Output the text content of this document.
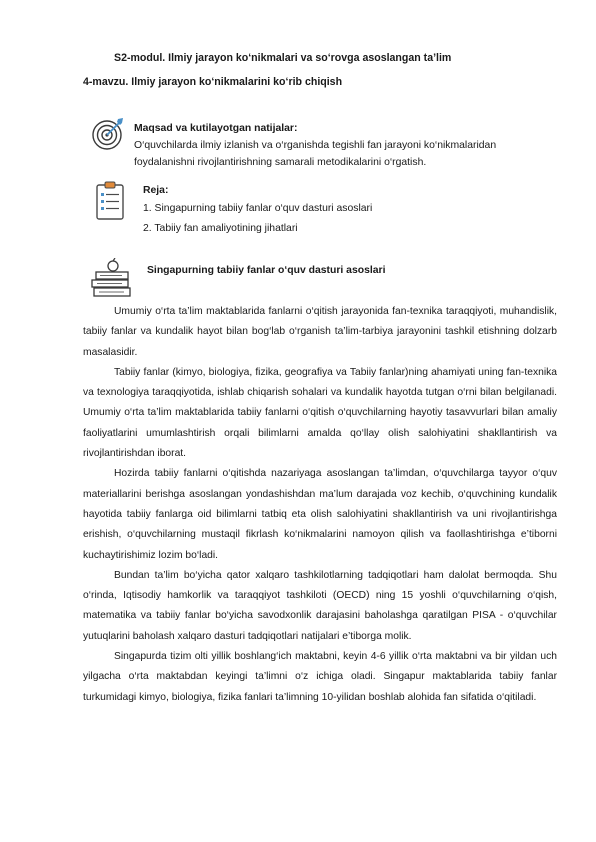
S2-modul. Ilmiy jarayon ko‘nikmalari va so‘rovga asoslangan ta’lim
4-mavzu. Ilmiy jarayon ko‘nikmalarini ko‘rib chiqish
Maqsad va kutilayotgan natijalar:
O‘quvchilarda ilmiy izlanish va o‘rganishda tegishli fan jarayoni ko‘nikmalaridan
foydalanishni rivojlantirishning samarali metodikalarini o‘rgatish.
Reja:
1. Singapurning tabiiy fanlar o‘quv dasturi asoslari
2. Tabiiy fan amaliyotining jihatlari
Singapurning tabiiy fanlar o‘quv dasturi asoslari

Umumiy o‘rta ta’lim maktablarida fanlarni o‘qitish jarayonida fan-texnika taraqqiyoti, muhandislik, tabiiy fanlar va kundalik hayot bilan bog‘lab o‘rganish ta’lim-tarbiya jarayonini tashkil etishning dolzarb masalasidir.

Tabiiy fanlar (kimyo, biologiya, fizika, geografiya va Tabiiy fanlar)ning ahamiyati uning fan-texnika va texnologiya taraqqiyotida, ishlab chiqarish sohalari va kundalik hayotda tutgan o‘rni bilan belgilanadi. Umumiy o‘rta ta’lim maktablarida tabiiy fanlarni o‘qitish o‘quvchilarning hayotiy tasavvurlari bilan amaliy faoliyatlarini umumlashtirish orqali bilimlarni amalda qo‘llay olish salohiyatini shakllantirish va rivojlantirishdan iborat.

Hozirda tabiiy fanlarni o‘qitishda nazariyaga asoslangan ta’limdan, o‘quvchilarga tayyor o‘quv materiallarini berishga asoslangan yondashishdan ma’lum darajada voz kechib, o‘quvchining kundalik hayotida tabiiy fanlarga oid bilimlarni tatbiq eta olish salohiyatini shakllantirish va uni rivojlantirishga erishish, o‘quvchilarning mustaqil fikrlash ko‘nikmalarini namoyon qilish va faollashtirishga e’tiborni kuchaytirishimiz lozim bo‘ladi.

Bundan ta’lim bo‘yicha qator xalqaro tashkilotlarning tadqiqotlari ham dalolat bermoqda. Shu o‘rinda, Iqtisodiy hamkorlik va taraqqiyot tashkiloti (OECD) ning 15 yoshli o‘quvchilarning o‘qish, matematika va tabiiy fanlar bo‘yicha savodxonlik darajasini baholashga qaratilgan PISA - o‘quvchilar yutuqlarini baholash xalqaro dasturi tadqiqotlari natijalari e’tiborga molik.

Singapurda tizim olti yillik boshlang‘ich maktabni, keyin 4-6 yillik o‘rta maktabni va bir yildan uch yilgacha o‘rta maktabdan keyingi ta’limni o‘z ichiga oladi. Singapur maktablarida tabiiy fanlar turkumidagi kimyo, biologiya, fizika fanlari ta’limning 10-yilidan boshlab alohida fan sifatida o‘qitiladi.
